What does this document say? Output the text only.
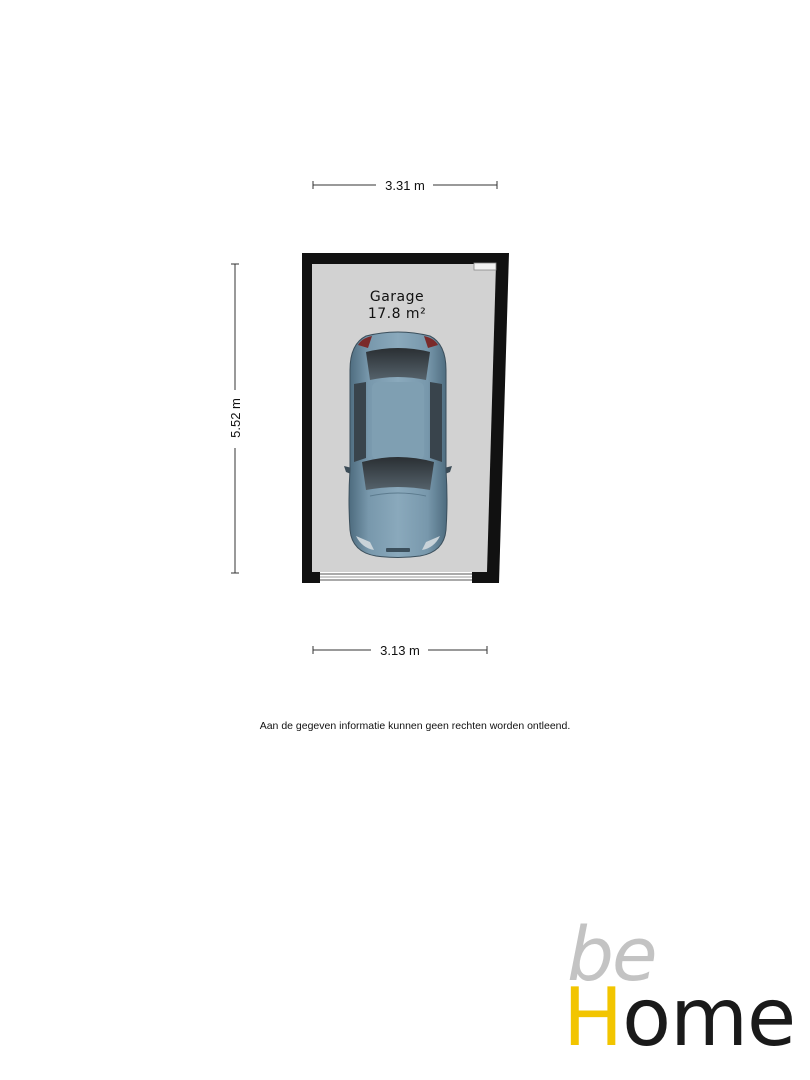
3.31 m
5.52 m
Garage
17.8 m²
3.13 m
Aan de gegeven informatie kunnen geen rechten worden ontleend.
be
Home
